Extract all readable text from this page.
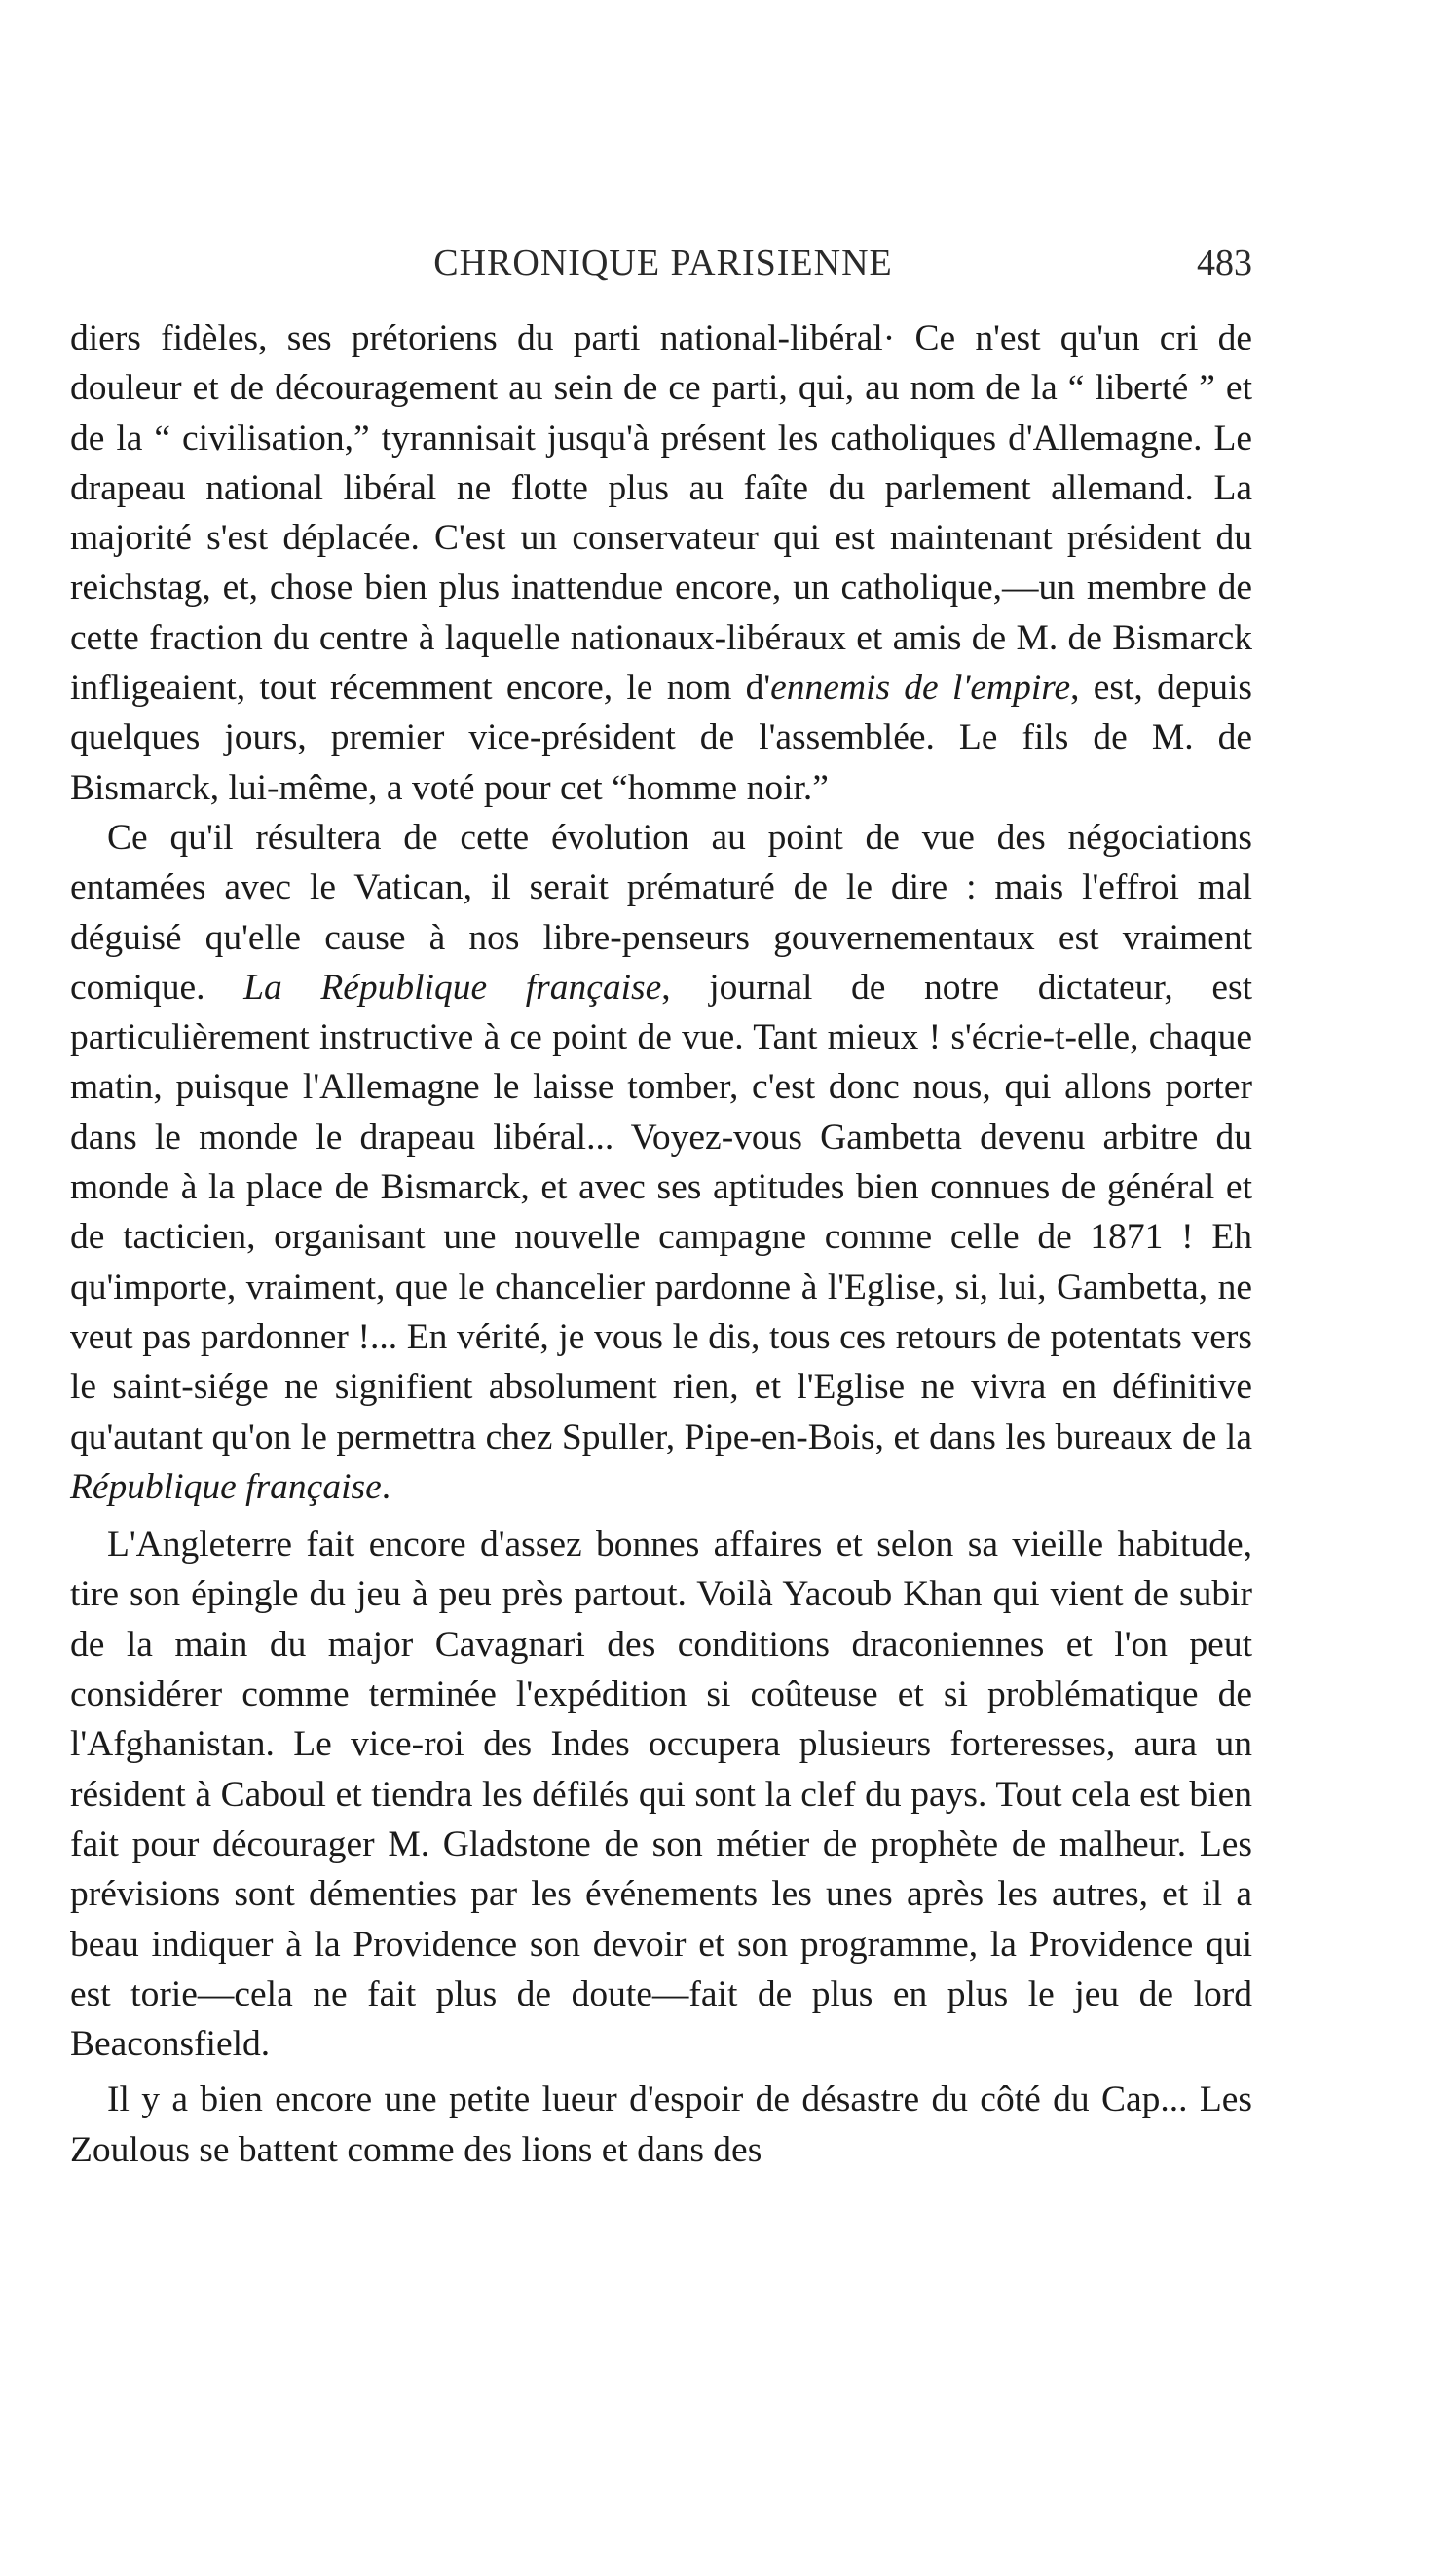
CHRONIQUE PARISIENNE	483

diers fidèles, ses prétoriens du parti national-libéral· Ce n'est qu'un cri de douleur et de découragement au sein de ce parti, qui, au nom de la “ liberté ” et de la “ civilisation,” tyrannisait jusqu'à présent les catholiques d'Allemagne. Le drapeau national libéral ne flotte plus au faîte du parlement allemand. La majorité s'est déplacée. C'est un conservateur qui est maintenant président du reichstag, et, chose bien plus inattendue encore, un catholique,—un membre de cette fraction du centre à laquelle nationaux-libéraux et amis de M. de Bismarck infligeaient, tout récemment encore, le nom d'ennemis de l'empire, est, depuis quelques jours, premier vice-président de l'assemblée. Le fils de M. de Bismarck, lui-même, a voté pour cet “homme noir.”

Ce qu'il résultera de cette évolution au point de vue des négociations entamées avec le Vatican, il serait prématuré de le dire : mais l'effroi mal déguisé qu'elle cause à nos libre-penseurs gouvernementaux est vraiment comique. La République française, journal de notre dictateur, est particulièrement instructive à ce point de vue. Tant mieux ! s'écrie-t-elle, chaque matin, puisque l'Allemagne le laisse tomber, c'est donc nous, qui allons porter dans le monde le drapeau libéral... Voyez-vous Gambetta devenu arbitre du monde à la place de Bismarck, et avec ses aptitudes bien connues de général et de tacticien, organisant une nouvelle campagne comme celle de 1871 ! Eh qu'importe, vraiment, que le chancelier pardonne à l'Eglise, si, lui, Gambetta, ne veut pas pardonner !... En vérité, je vous le dis, tous ces retours de potentats vers le saint-siége ne signifient absolument rien, et l'Eglise ne vivra en définitive qu'autant qu'on le permettra chez Spuller, Pipe-en-Bois, et dans les bureaux de la République française.

L'Angleterre fait encore d'assez bonnes affaires et selon sa vieille habitude, tire son épingle du jeu à peu près partout. Voilà Yacoub Khan qui vient de subir de la main du major Cavagnari des conditions draconiennes et l'on peut considérer comme terminée l'expédition si coûteuse et si problématique de l'Afghanistan. Le vice-roi des Indes occupera plusieurs forteresses, aura un résident à Caboul et tiendra les défilés qui sont la clef du pays. Tout cela est bien fait pour décourager M. Gladstone de son métier de prophète de malheur. Les prévisions sont démenties par les événements les unes après les autres, et il a beau indiquer à la Providence son devoir et son programme, la Providence qui est torie—cela ne fait plus de doute—fait de plus en plus le jeu de lord Beaconsfield.

Il y a bien encore une petite lueur d'espoir de désastre du côté du Cap... Les Zoulous se battent comme des lions et dans des
